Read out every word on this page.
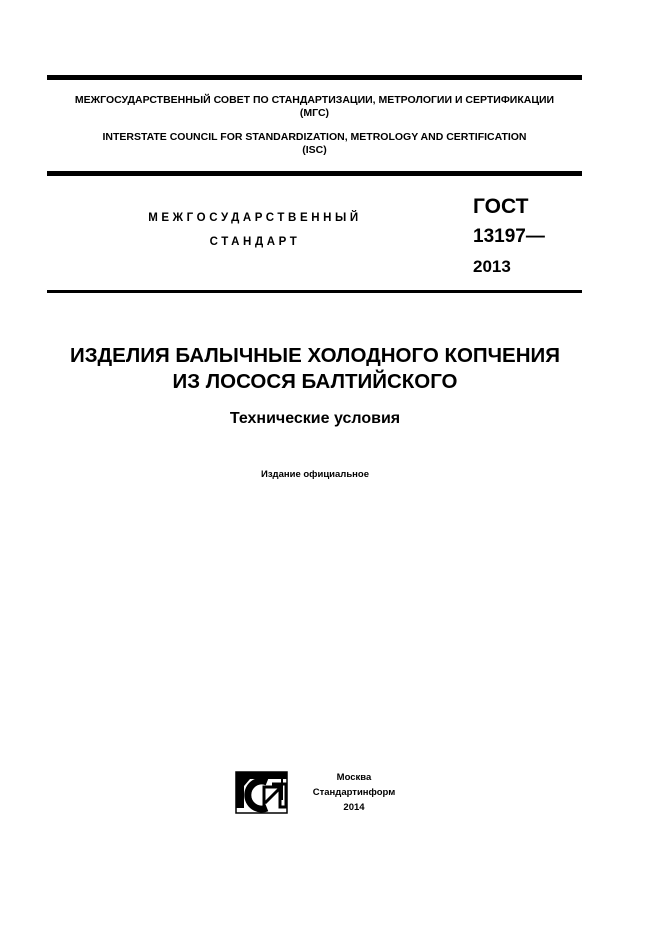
МЕЖГОСУДАРСТВЕННЫЙ СОВЕТ ПО СТАНДАРТИЗАЦИИ, МЕТРОЛОГИИ И СЕРТИФИКАЦИИ
(МГС)
INTERSTATE COUNCIL FOR STANDARDIZATION, METROLOGY AND CERTIFICATION
(ISC)
МЕЖГОСУДАРСТВЕННЫЙ
СТАНДАРТ
ГОСТ
13197—
2013
ИЗДЕЛИЯ БАЛЫЧНЫЕ ХОЛОДНОГО КОПЧЕНИЯ
ИЗ ЛОСОСЯ БАЛТИЙСКОГО
Технические условия
Издание официальное
Москва
Стандартинформ
2014
